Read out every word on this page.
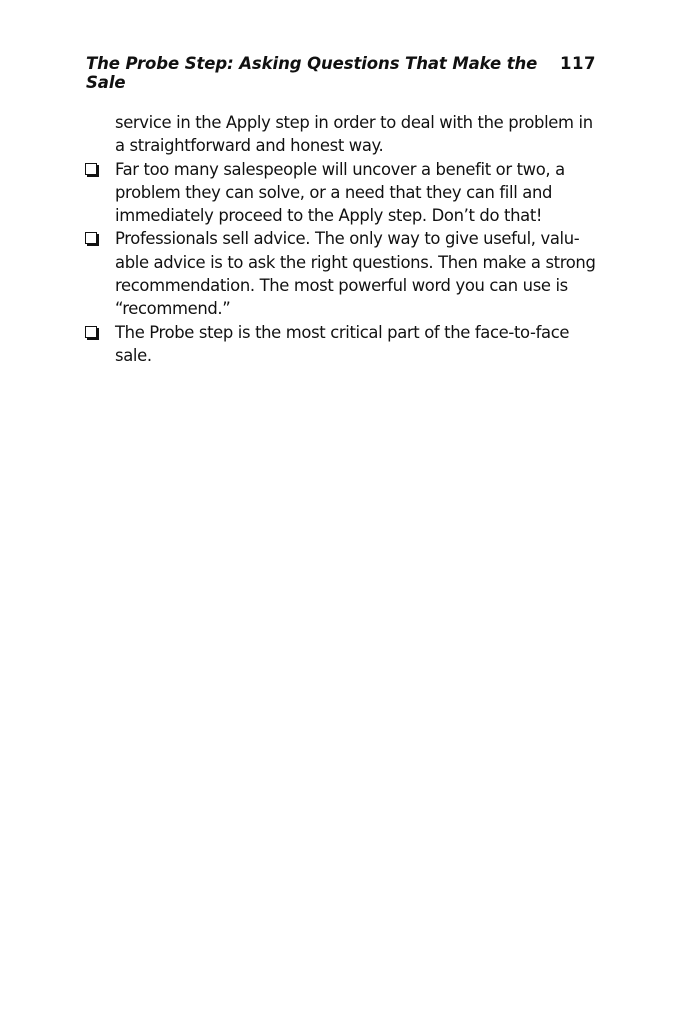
The Probe Step: Asking Questions That Make the Sale
117

service in the Apply step in order to deal with the problem in a straightforward and honest way.

Far too many salespeople will uncover a benefit or two, a problem they can solve, or a need that they can fill and immediately proceed to the Apply step. Don’t do that!
Professionals sell advice. The only way to give useful, valu-able advice is to ask the right questions. Then make a strong recommendation. The most powerful word you can use is “recommend.”
The Probe step is the most critical part of the face-to-face sale.
